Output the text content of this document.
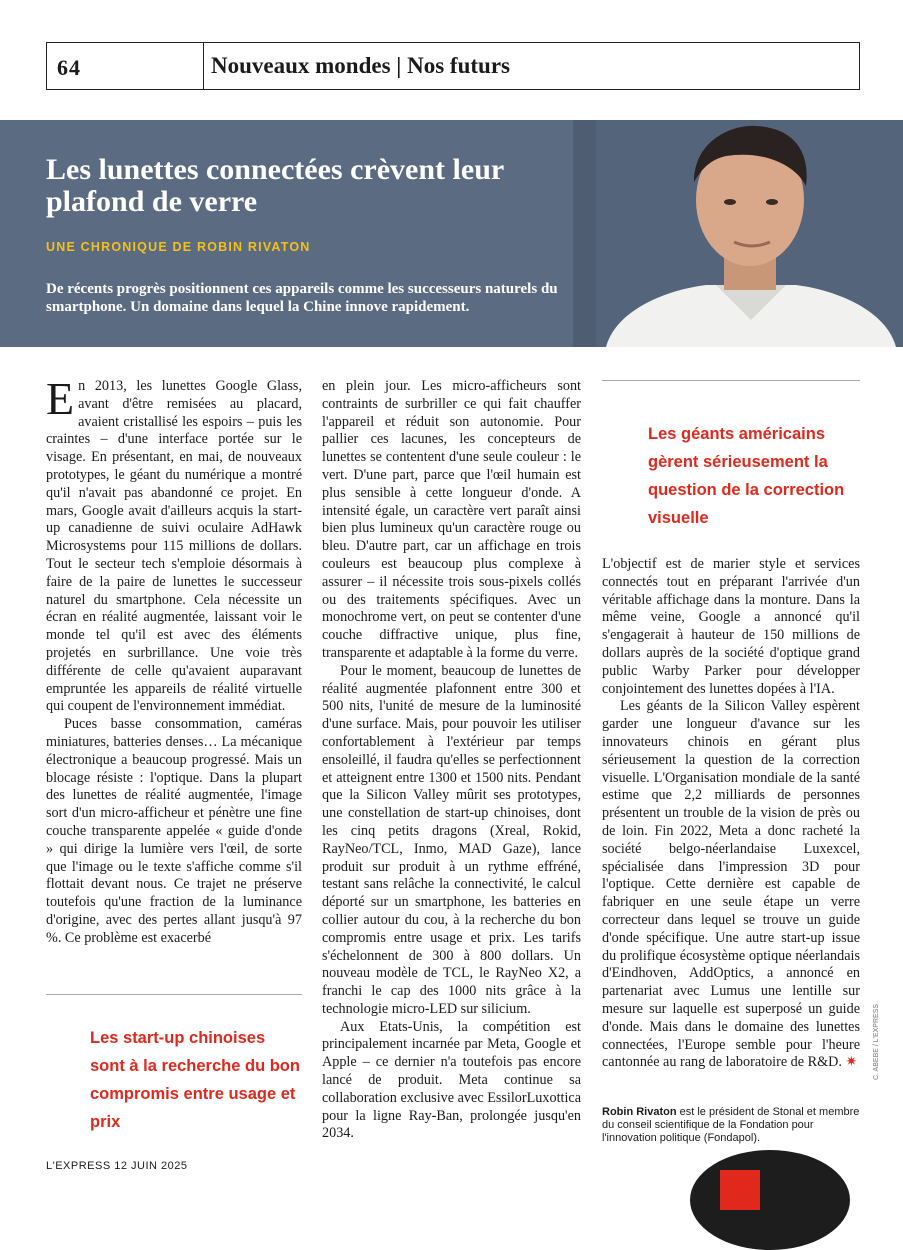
64	Nouveaux mondes | Nos futurs
Les lunettes connectées crèvent leur plafond de verre
UNE CHRONIQUE DE ROBIN RIVATON
De récents progrès positionnent ces appareils comme les successeurs naturels du smartphone. Un domaine dans lequel la Chine innove rapidement.

En 2013, les lunettes Google Glass, avant d'être remisées au placard, avaient cristallisé les espoirs – puis les craintes – d'une interface portée sur le visage. En présentant, en mai, de nouveaux prototypes, le géant du numérique a montré qu'il n'avait pas abandonné ce projet. En mars, Google avait d'ailleurs acquis la start-up canadienne de suivi oculaire AdHawk Microsystems pour 115 millions de dollars. Tout le secteur tech s'emploie désormais à faire de la paire de lunettes le successeur naturel du smartphone. Cela nécessite un écran en réalité augmentée, laissant voir le monde tel qu'il est avec des éléments projetés en surbrillance. Une voie très différente de celle qu'avaient auparavant empruntée les appareils de réalité virtuelle qui coupent de l'environnement immédiat.

Puces basse consommation, caméras miniatures, batteries denses… La mécanique électronique a beaucoup progressé. Mais un blocage résiste : l'optique. Dans la plupart des lunettes de réalité augmentée, l'image sort d'un micro-afficheur et pénètre une fine couche transparente appelée « guide d'onde » qui dirige la lumière vers l'œil, de sorte que l'image ou le texte s'affiche comme s'il flottait devant nous. Ce trajet ne préserve toutefois qu'une fraction de la luminance d'origine, avec des pertes allant jusqu'à 97 %. Ce problème est exacerbé

Les start-up chinoises sont à la recherche du bon compromis entre usage et prix

en plein jour. Les micro-afficheurs sont contraints de surbriller ce qui fait chauffer l'appareil et réduit son autonomie. Pour pallier ces lacunes, les concepteurs de lunettes se contentent d'une seule couleur : le vert. D'une part, parce que l'œil humain est plus sensible à cette longueur d'onde. A intensité égale, un caractère vert paraît ainsi bien plus lumineux qu'un caractère rouge ou bleu. D'autre part, car un affichage en trois couleurs est beaucoup plus complexe à assurer – il nécessite trois sous-pixels collés ou des traitements spécifiques. Avec un monochrome vert, on peut se contenter d'une couche diffractive unique, plus fine, transparente et adaptable à la forme du verre.

Pour le moment, beaucoup de lunettes de réalité augmentée plafonnent entre 300 et 500 nits, l'unité de mesure de la luminosité d'une surface. Mais, pour pouvoir les utiliser confortablement à l'extérieur par temps ensoleillé, il faudra qu'elles se perfectionnent et atteignent entre 1300 et 1500 nits. Pendant que la Silicon Valley mûrit ses prototypes, une constellation de start-up chinoises, dont les cinq petits dragons (Xreal, Rokid, RayNeo/TCL, Inmo, MAD Gaze), lance produit sur produit à un rythme effréné, testant sans relâche la connectivité, le calcul déporté sur un smartphone, les batteries en collier autour du cou, à la recherche du bon compromis entre usage et prix. Les tarifs s'échelonnent de 300 à 800 dollars. Un nouveau modèle de TCL, le RayNeo X2, a franchi le cap des 1000 nits grâce à la technologie micro-LED sur silicium.

Aux Etats-Unis, la compétition est principalement incarnée par Meta, Google et Apple – ce dernier n'a toutefois pas encore lancé de produit. Meta continue sa collaboration exclusive avec EssilorLuxottica pour la ligne Ray-Ban, prolongée jusqu'en 2034.

Les géants américains gèrent sérieusement la question de la correction visuelle

L'objectif est de marier style et services connectés tout en préparant l'arrivée d'un véritable affichage dans la monture. Dans la même veine, Google a annoncé qu'il s'engagerait à hauteur de 150 millions de dollars auprès de la société d'optique grand public Warby Parker pour développer conjointement des lunettes dopées à l'IA.

Les géants de la Silicon Valley espèrent garder une longueur d'avance sur les innovateurs chinois en gérant plus sérieusement la question de la correction visuelle. L'Organisation mondiale de la santé estime que 2,2 milliards de personnes présentent un trouble de la vision de près ou de loin. Fin 2022, Meta a donc racheté la société belgo-néerlandaise Luxexcel, spécialisée dans l'impression 3D pour l'optique. Cette dernière est capable de fabriquer en une seule étape un verre correcteur dans lequel se trouve un guide d'onde spécifique. Une autre start-up issue du prolifique écosystème optique néerlandais d'Eindhoven, AddOptics, a annoncé en partenariat avec Lumus une lentille sur mesure sur laquelle est superposé un guide d'onde. Mais dans le domaine des lunettes connectées, l'Europe semble pour l'heure cantonnée au rang de laboratoire de R&D. ✷

Robin Rivaton est le président de Stonal et membre du conseil scientifique de la Fondation pour l'innovation politique (Fondapol).
C. ABEBE / L'EXPRESS
L'EXPRESS 12 JUIN 2025
